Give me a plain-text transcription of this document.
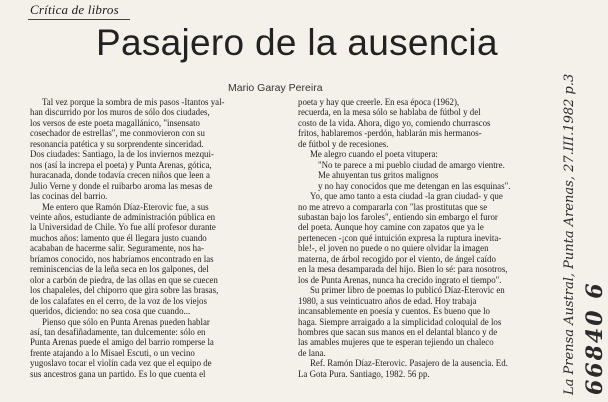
Crítica de libros
Pasajero de la ausencia
Mario Garay Pereira
Tal vez porque la sombra de mis pasos -Itantos yal-
han discurrido por los muros de sólo dos ciudades,
los versos de este poeta magallánico, "insensato
cosechador de estrellas", me conmovieron con su
resonancia patética y su sorprendente sinceridad.
Dos ciudades: Santiago, la de los inviernos mezqui-
nos (así la increpa el poeta) y Punta Arenas, gótica,
huracanada, donde todavía crecen niños que leen a
Julio Verne y donde el ruibarbo aroma las mesas de
las cocinas del barrio.
Me entero que Ramón Díaz-Eterovic fue, a sus
veinte años, estudiante de administración pública en
la Universidad de Chile. Yo fue allí profesor durante
muchos años: lamento que él llegara justo cuando
acababan de hacerme salir. Seguramente, nos ha-
bríamos conocido, nos habríamos encontrado en las
reminiscencias de la leña seca en los galpones, del
olor a carbón de piedra, de las ollas en que se cuecen
los chapaleles, del chiporro que gira sobre las brasas,
de los calafates en el cerro, de la voz de los viejos
queridos, diciendo: no sea cosa que cuando...
Pienso que sólo en Punta Arenas pueden hablar
así, tan desafiñadamente, tan dulcemente: sólo en
Punta Arenas puede el amigo del barrio romperse la
frente atajando a lo Misael Escuti, o un vecino
yugoslavo tocar el violín cada vez que el equipo de
sus ancestros gana un partido. Es lo que cuenta el
poeta y hay que creerle. En esa época (1962),
recuerda, en la mesa sólo se hablaba de fútbol y del
costo de la vida. Ahora, digo yo, comiendo churrascos
fritos, hablaremos -perdón, hablarán mis hermanos-
de fútbol y de recesiones.
Me alegro cuando el poeta vitupera:
"No te parece a mi pueblo ciudad de amargo vientre.
Me ahuyentan tus gritos malignos
y no hay conocidos que me detengan en las esquinas".
Yo, que amo tanto a esta ciudad -la gran ciudad- y que
no me atrevo a compararla con "las prostitutas que se
subastan bajo los faroles", entiendo sin embargo el furor
del poeta. Aunque hoy camine con zapatos que ya le
pertenecen -¡con qué intuición expresa la ruptura inevita-
ble!-, el joven no puede o no quiere olvidar la imagen
materna, de árbol recogido por el viento, de ángel caído
en la mesa desamparada del hijo. Bien lo sé: para nosotros,
los de Punta Arenas, nunca ha crecido ingrato el tiempo".
Su primer libro de poemas lo publicó Díaz-Eterovic en
1980, a sus veinticuatro años de edad. Hoy trabaja
incansablemente en poesía y cuentos. Es bueno que lo
haga. Siempre arraigado a la simplicidad coloquial de los
hombres que sacan sus manos en el delantal blanco y de
las amables mujeres que te esperan tejiendo un chaleco
de lana.
Ref. Ramón Díaz-Eterovic. Pasajero de la ausencia. Ed.
La Gota Pura. Santiago, 1982. 56 pp.	La Prensa Austral, Punta Arenas, 27.III.1982 p.3 66840 6
